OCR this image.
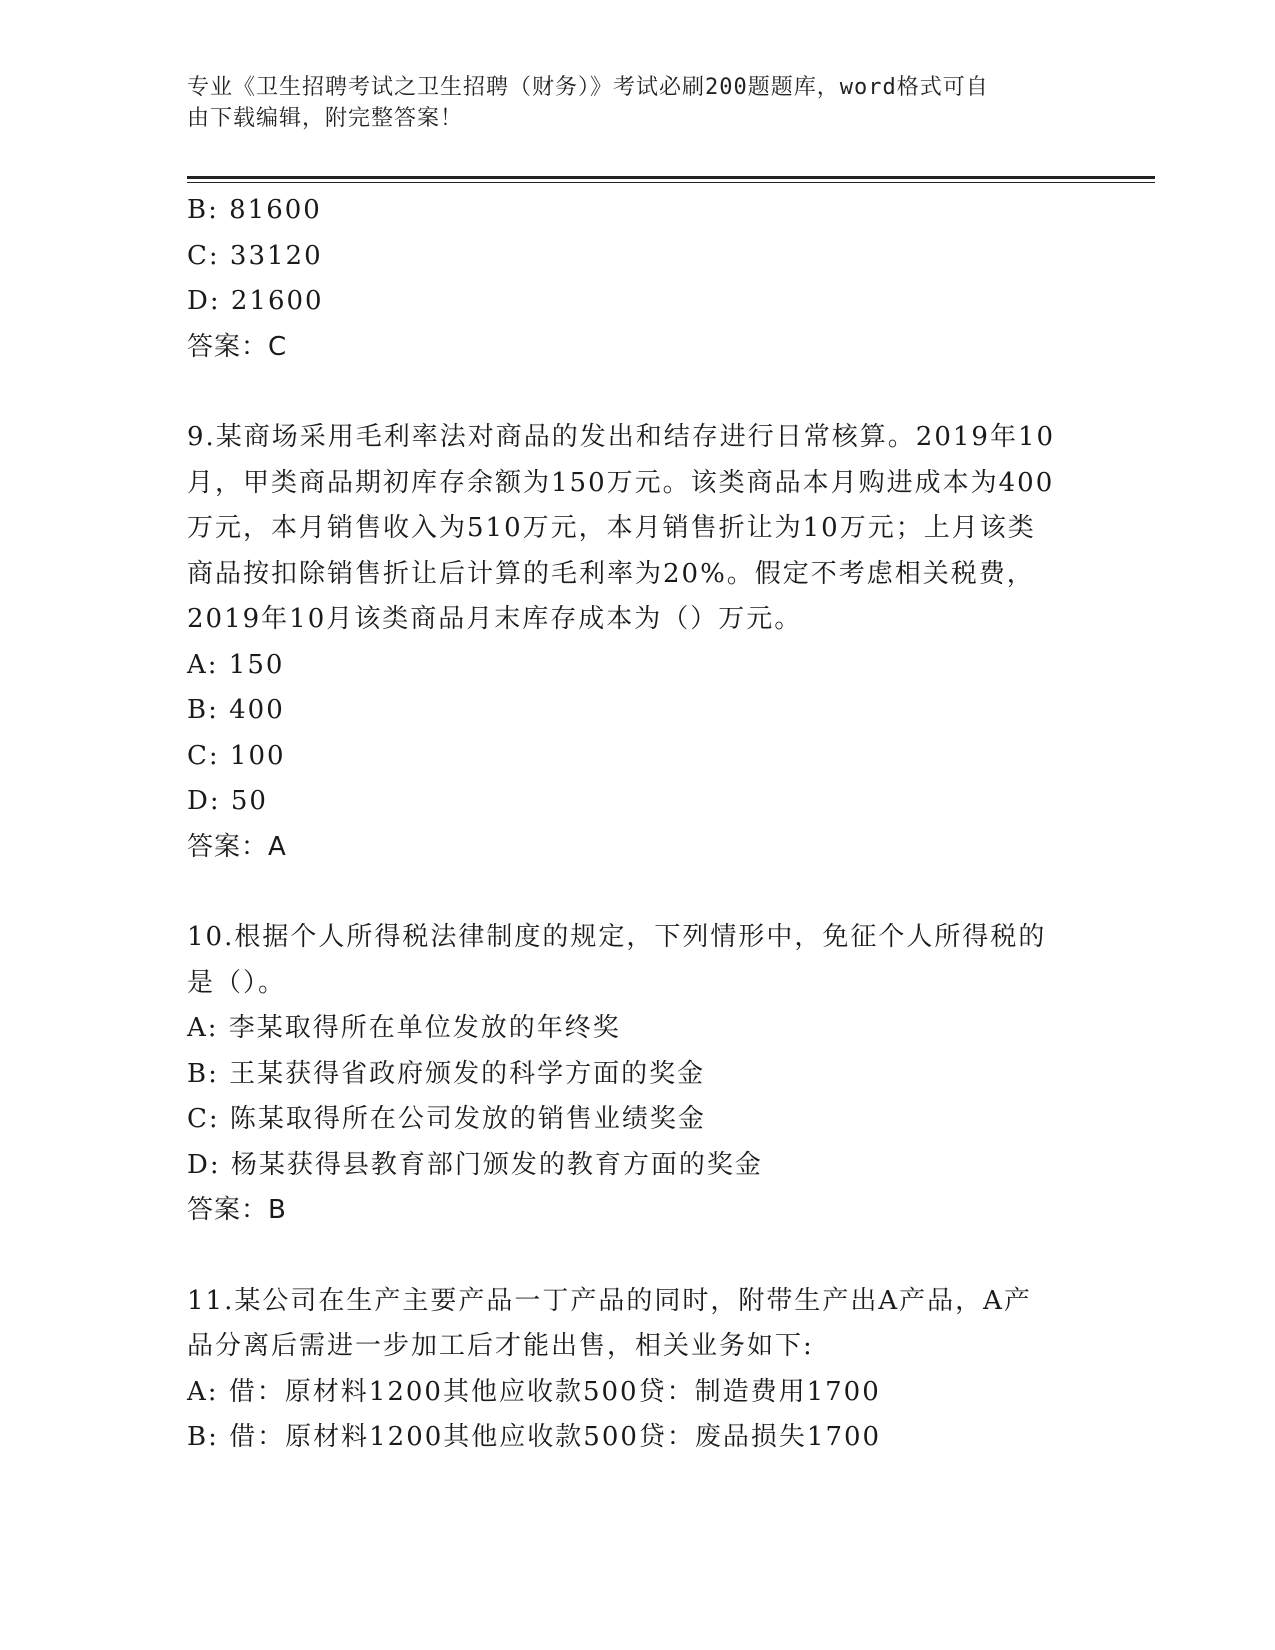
专业《卫生招聘考试之卫生招聘（财务）》考试必刷200题题库，word格式可自
由下载编辑，附完整答案！
B: 81600
C: 33120
D: 21600
答案：C
9.某商场采用毛利率法对商品的发出和结存进行日常核算。2019年10
月，甲类商品期初库存余额为150万元。该类商品本月购进成本为400
万元，本月销售收入为510万元，本月销售折让为10万元；上月该类
商品按扣除销售折让后计算的毛利率为20%。假定不考虑相关税费，
2019年10月该类商品月末库存成本为（）万元。
A: 150
B: 400
C: 100
D: 50
答案：A
10.根据个人所得税法律制度的规定，下列情形中，免征个人所得税的
是（）。
A: 李某取得所在单位发放的年终奖
B: 王某获得省政府颁发的科学方面的奖金
C: 陈某取得所在公司发放的销售业绩奖金
D: 杨某获得县教育部门颁发的教育方面的奖金
答案：B
11.某公司在生产主要产品一丁产品的同时，附带生产出A产品，A产
品分离后需进一步加工后才能出售，相关业务如下:
A: 借：原材料1200其他应收款500贷：制造费用1700
B: 借：原材料1200其他应收款500贷：废品损失1700
